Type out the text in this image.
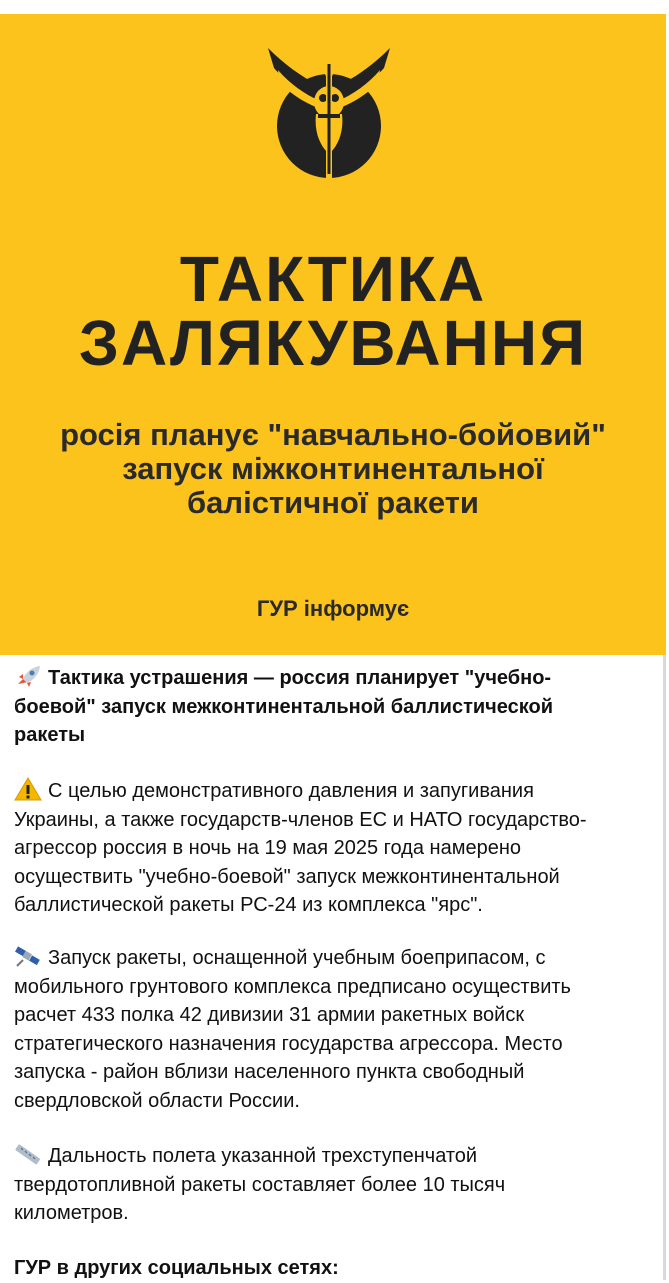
ТАКТИКА
ЗАЛЯКУВАННЯ
росія планує "навчально-бойовий"
запуск міжконтинентальної
балістичної ракети
ГУР інформує
Тактика устрашения — россия планирует "учебно-
боевой" запуск межконтинентальной баллистической
ракеты
С целью демонстративного давления и запугивания
Украины, а также государств-членов ЕС и НАТО государство-
агрессор россия в ночь на 19 мая 2025 года намерено
осуществить "учебно-боевой" запуск межконтинентальной
баллистической ракеты РС-24 из комплекса "ярс".
Запуск ракеты, оснащенной учебным боеприпасом, с
мобильного грунтового комплекса предписано осуществить
расчет 433 полка 42 дивизии 31 армии ракетных войск
стратегического назначения государства агрессора. Место
запуска - район вблизи населенного пункта свободный
свердловской области России.
Дальность полета указанной трехступенчатой
твердотопливной ракеты составляет более 10 тысяч
километров.
ГУР в других социальных сетях:
